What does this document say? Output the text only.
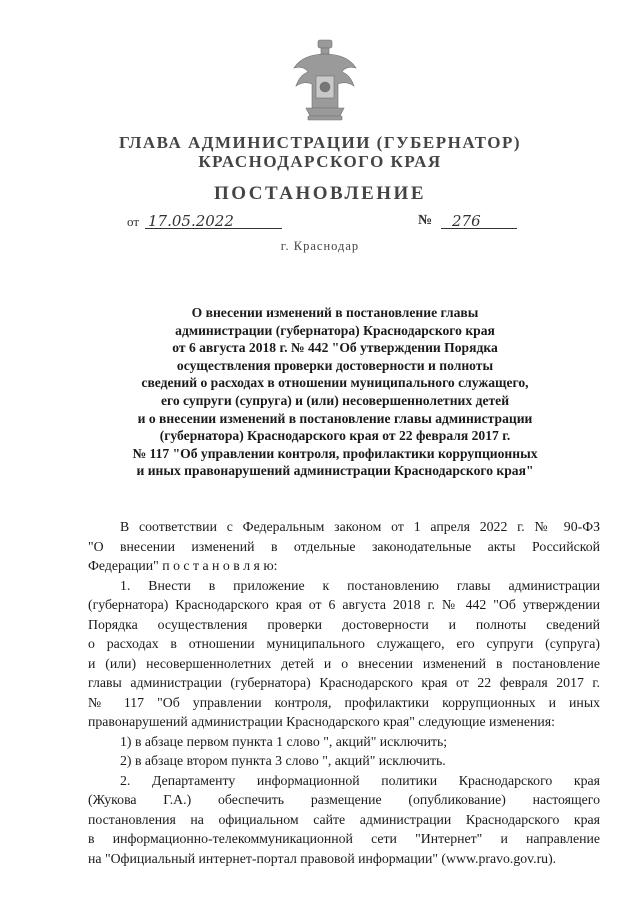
ГЛАВА АДМИНИСТРАЦИИ (ГУБЕРНАТОР)
КРАСНОДАРСКОГО КРАЯ
ПОСТАНОВЛЕНИЕ
от 17.05.2022	№ 276
г. Краснодар
О внесении изменений в постановление главы
администрации (губернатора) Краснодарского края
от 6 августа 2018 г. № 442 "Об утверждении Порядка
осуществления проверки достоверности и полноты
сведений о расходах в отношении муниципального служащего,
его супруги (супруга) и (или) несовершеннолетних детей
и о внесении изменений в постановление главы администрации
(губернатора) Краснодарского края от 22 февраля 2017 г.
№ 117 "Об управлении контроля, профилактики коррупционных
и иных правонарушений администрации Краснодарского края"

В соответствии с Федеральным законом от 1 апреля 2022 г. № 90-ФЗ
"О внесении изменений в отдельные законодательные акты Российской
Федерации" п о с т а н о в л я ю:

1. Внести в приложение к постановлению главы администрации
(губернатора) Краснодарского края от 6 августа 2018 г. № 442 "Об утверждении
Порядка осуществления проверки достоверности и полноты сведений
о расходах в отношении муниципального служащего, его супруги (супруга)
и (или) несовершеннолетних детей и о внесении изменений в постановление
главы администрации (губернатора) Краснодарского края от 22 февраля 2017 г.
№ 117 "Об управлении контроля, профилактики коррупционных и иных
правонарушений администрации Краснодарского края" следующие изменения:

1) в абзаце первом пункта 1 слово ", акций" исключить;

2) в абзаце втором пункта 3 слово ", акций" исключить.

2. Департаменту информационной политики Краснодарского края
(Жукова Г.А.) обеспечить размещение (опубликование) настоящего
постановления на официальном сайте администрации Краснодарского края
в информационно-телекоммуникационной сети "Интернет" и направление
на "Официальный интернет-портал правовой информации" (www.pravo.gov.ru).
